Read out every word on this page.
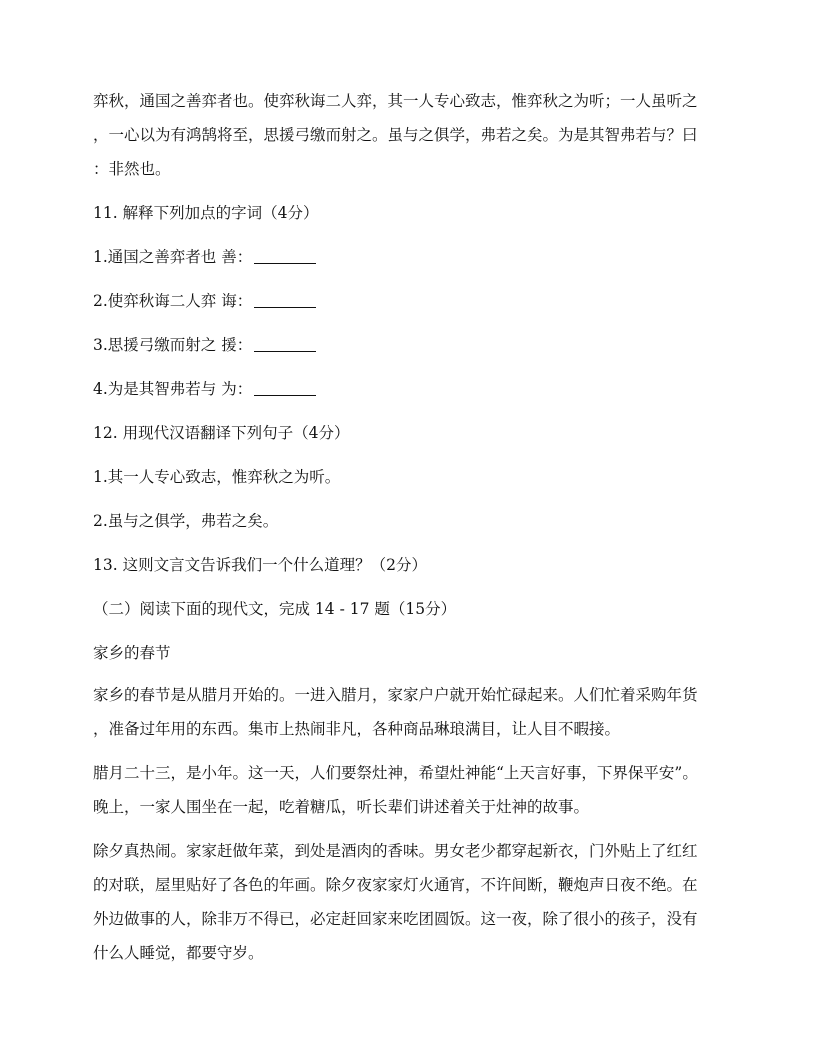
弈秋，通国之善弈者也。使弈秋诲二人弈，其一人专心致志，惟弈秋之为听；一人虽听之
，一心以为有鸿鹄将至，思援弓缴而射之。虽与之俱学，弗若之矣。为是其智弗若与？曰
：非然也。
11. 解释下列加点的字词（4分）
1.通国之善弈者也 善：
2.使弈秋诲二人弈 诲：
3.思援弓缴而射之 援：
4.为是其智弗若与 为：
12. 用现代汉语翻译下列句子（4分）
1.其一人专心致志，惟弈秋之为听。
2.虽与之俱学，弗若之矣。
13. 这则文言文告诉我们一个什么道理？（2分）
（二）阅读下面的现代文，完成 14 - 17 题（15分）
家乡的春节
家乡的春节是从腊月开始的。一进入腊月，家家户户就开始忙碌起来。人们忙着采购年货
，准备过年用的东西。集市上热闹非凡，各种商品琳琅满目，让人目不暇接。
腊月二十三，是小年。这一天，人们要祭灶神，希望灶神能“上天言好事，下界保平安”。
晚上，一家人围坐在一起，吃着糖瓜，听长辈们讲述着关于灶神的故事。
除夕真热闹。家家赶做年菜，到处是酒肉的香味。男女老少都穿起新衣，门外贴上了红红
的对联，屋里贴好了各色的年画。除夕夜家家灯火通宵，不许间断，鞭炮声日夜不绝。在
外边做事的人，除非万不得已，必定赶回家来吃团圆饭。这一夜，除了很小的孩子，没有
什么人睡觉，都要守岁。
